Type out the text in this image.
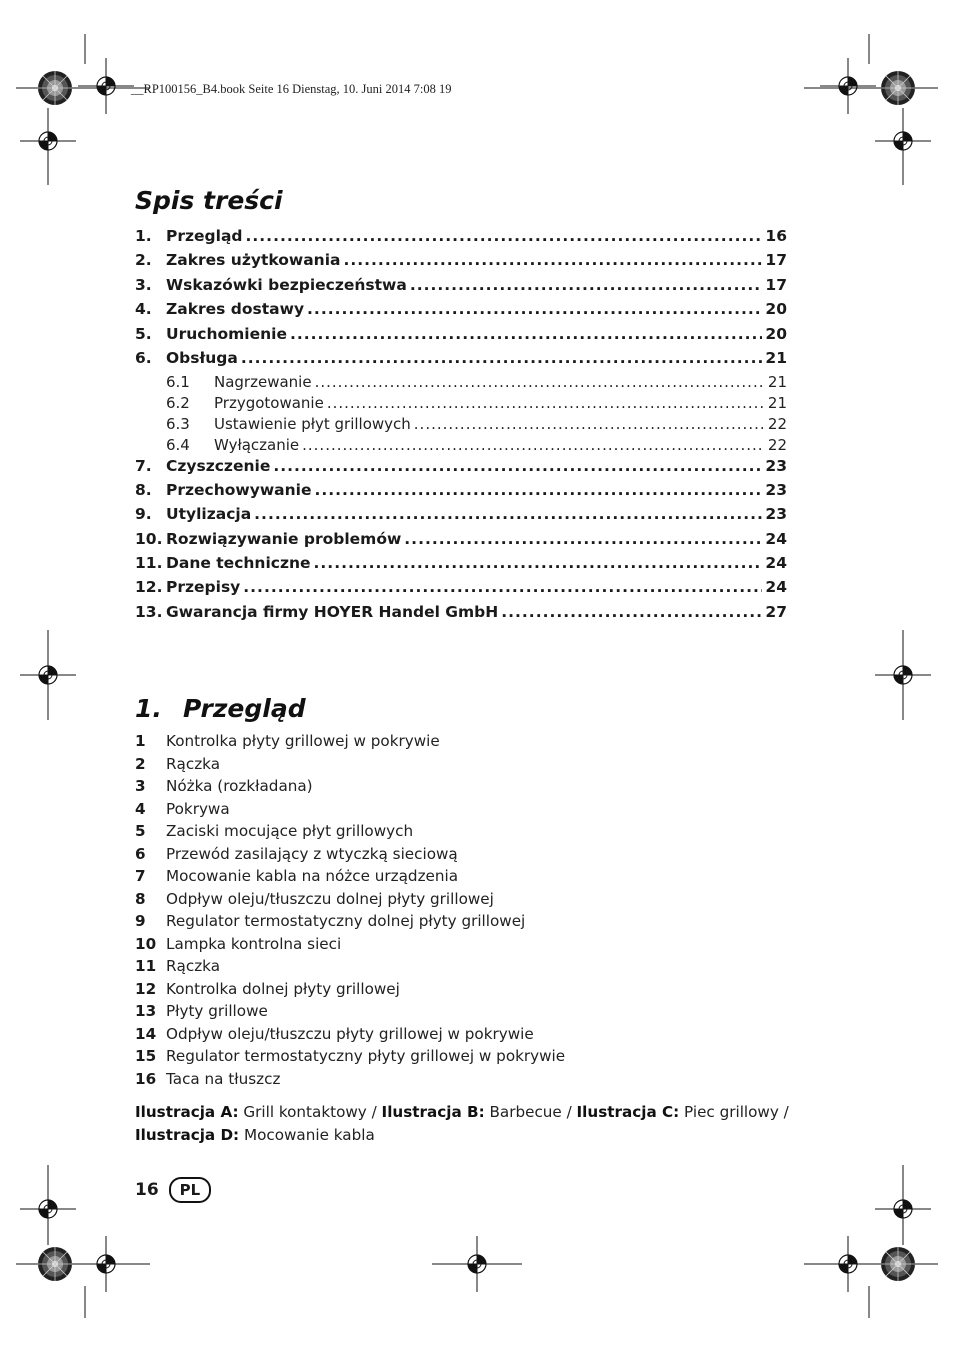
__RP100156_B4.book Seite 16 Dienstag, 10. Juni 2014 7:08 19
Spis treści
1. Przegląd .....	16
2. Zakres użytkowania .....	17
3. Wskazówki bezpieczeństwa .....	17
4. Zakres dostawy .....	20
5. Uruchomienie .....	20
6. Obsługa .....	21
6.1	Nagrzewanie .....	21
6.2	Przygotowanie .....	21
6.3	Ustawienie płyt grillowych .....	22
6.4	Wyłączanie .....	22
7. Czyszczenie .....	23
8. Przechowywanie .....	23
9. Utylizacja .....	23
10. Rozwiązywanie problemów .....	24
11. Dane techniczne .....	24
12. Przepisy .....	24
13. Gwarancja firmy HOYER Handel GmbH .....	27
1. Przegląd
1	Kontrolka płyty grillowej w pokrywie
2	Rączka
3	Nóżka (rozkładana)
4	Pokrywa
5	Zaciski mocujące płyt grillowych
6	Przewód zasilający z wtyczką sieciową
7	Mocowanie kabla na nóżce urządzenia
8	Odpływ oleju/tłuszczu dolnej płyty grillowej
9	Regulator termostatyczny dolnej płyty grillowej
10 Lampka kontrolna sieci
11 Rączka
12 Kontrolka dolnej płyty grillowej
13 Płyty grillowe
14 Odpływ oleju/tłuszczu płyty grillowej w pokrywie
15 Regulator termostatyczny płyty grillowej w pokrywie
16 Taca na tłuszcz
Ilustracja A: Grill kontaktowy / Ilustracja B: Barbecue / Ilustracja C: Piec grillowy /
Ilustracja D: Mocowanie kabla
16	PL
